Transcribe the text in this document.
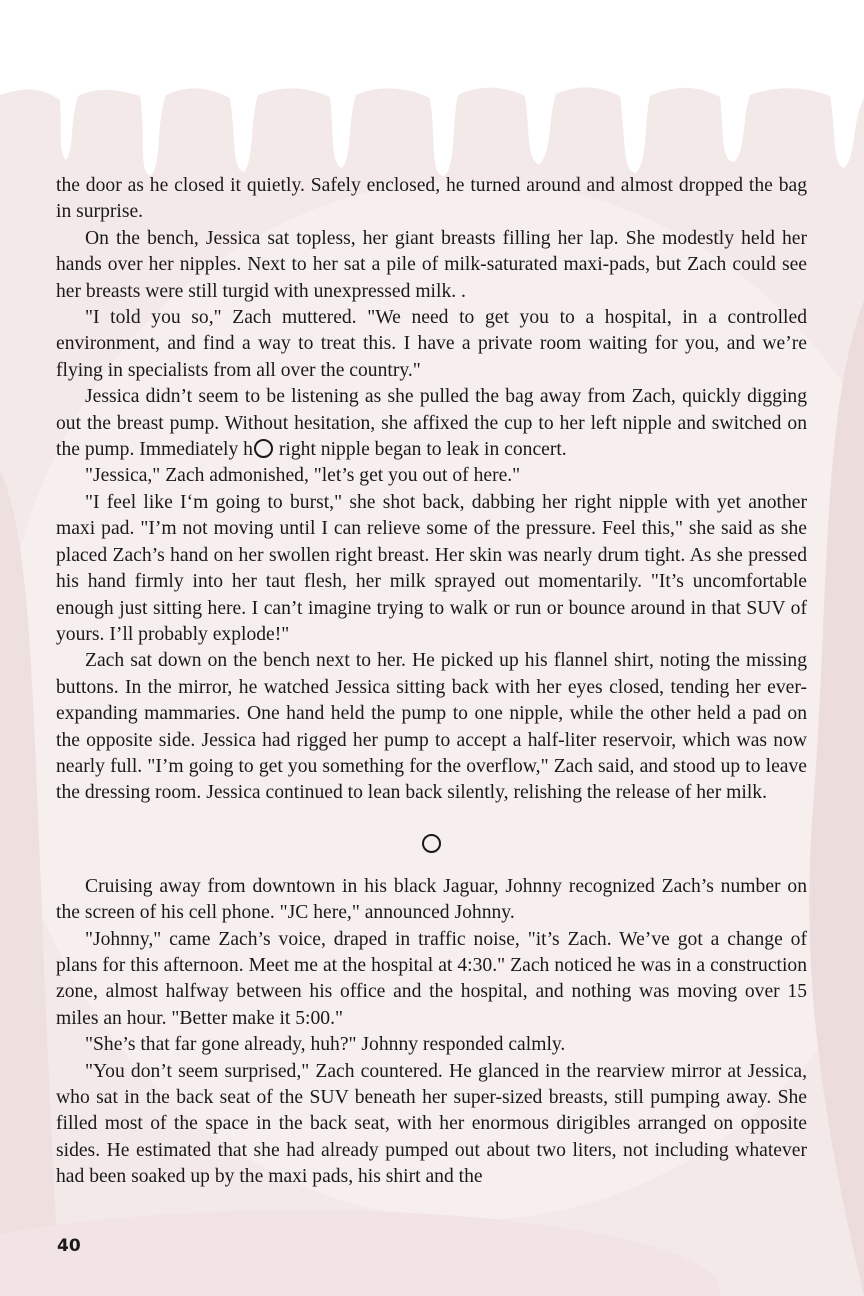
the door as he closed it quietly. Safely enclosed, he turned around and almost dropped the bag in surprise.

On the bench, Jessica sat topless, her giant breasts filling her lap. She modestly held her hands over her nipples. Next to her sat a pile of milk-saturated maxi-pads, but Zach could see her breasts were still turgid with unexpressed milk. .

"I told you so," Zach muttered. "We need to get you to a hospital, in a controlled environment, and find a way to treat this. I have a private room waiting for you, and we’re flying in specialists from all over the country."

Jessica didn’t seem to be listening as she pulled the bag away from Zach, quickly digging out the breast pump. Without hesitation, she affixed the cup to her left nipple and switched on the pump. Immediately h right nipple began to leak in concert.

"Jessica," Zach admonished, "let’s get you out of here."

"I feel like I‘m going to burst," she shot back, dabbing her right nipple with yet another maxi pad. "I’m not moving until I can relieve some of the pressure. Feel this," she said as she placed Zach’s hand on her swollen right breast. Her skin was nearly drum tight. As she pressed his hand firmly into her taut flesh, her milk sprayed out momentarily. "It’s uncomfortable enough just sitting here. I can’t imagine trying to walk or run or bounce around in that SUV of yours. I’ll probably explode!"

Zach sat down on the bench next to her. He picked up his flannel shirt, noting the missing buttons. In the mirror, he watched Jessica sitting back with her eyes closed, tending her ever-expanding mammaries. One hand held the pump to one nipple, while the other held a pad on the opposite side. Jessica had rigged her pump to accept a half-liter reservoir, which was now nearly full. "I’m going to get you something for the overflow," Zach said, and stood up to leave the dressing room. Jessica continued to lean back silently, relishing the release of her milk.

Cruising away from downtown in his black Jaguar, Johnny recognized Zach’s number on the screen of his cell phone. "JC here," announced Johnny.

"Johnny," came Zach’s voice, draped in traffic noise, "it’s Zach. We’ve got a change of plans for this afternoon. Meet me at the hospital at 4:30." Zach noticed he was in a construction zone, almost halfway between his office and the hospital, and nothing was moving over 15 miles an hour. "Better make it 5:00."

"She’s that far gone already, huh?" Johnny responded calmly.

"You don’t seem surprised," Zach countered. He glanced in the rearview mirror at Jessica, who sat in the back seat of the SUV beneath her super-sized breasts, still pumping away. She filled most of the space in the back seat, with her enormous dirigibles arranged on opposite sides. He estimated that she had already pumped out about two liters, not including whatever had been soaked up by the maxi pads, his shirt and the

40
